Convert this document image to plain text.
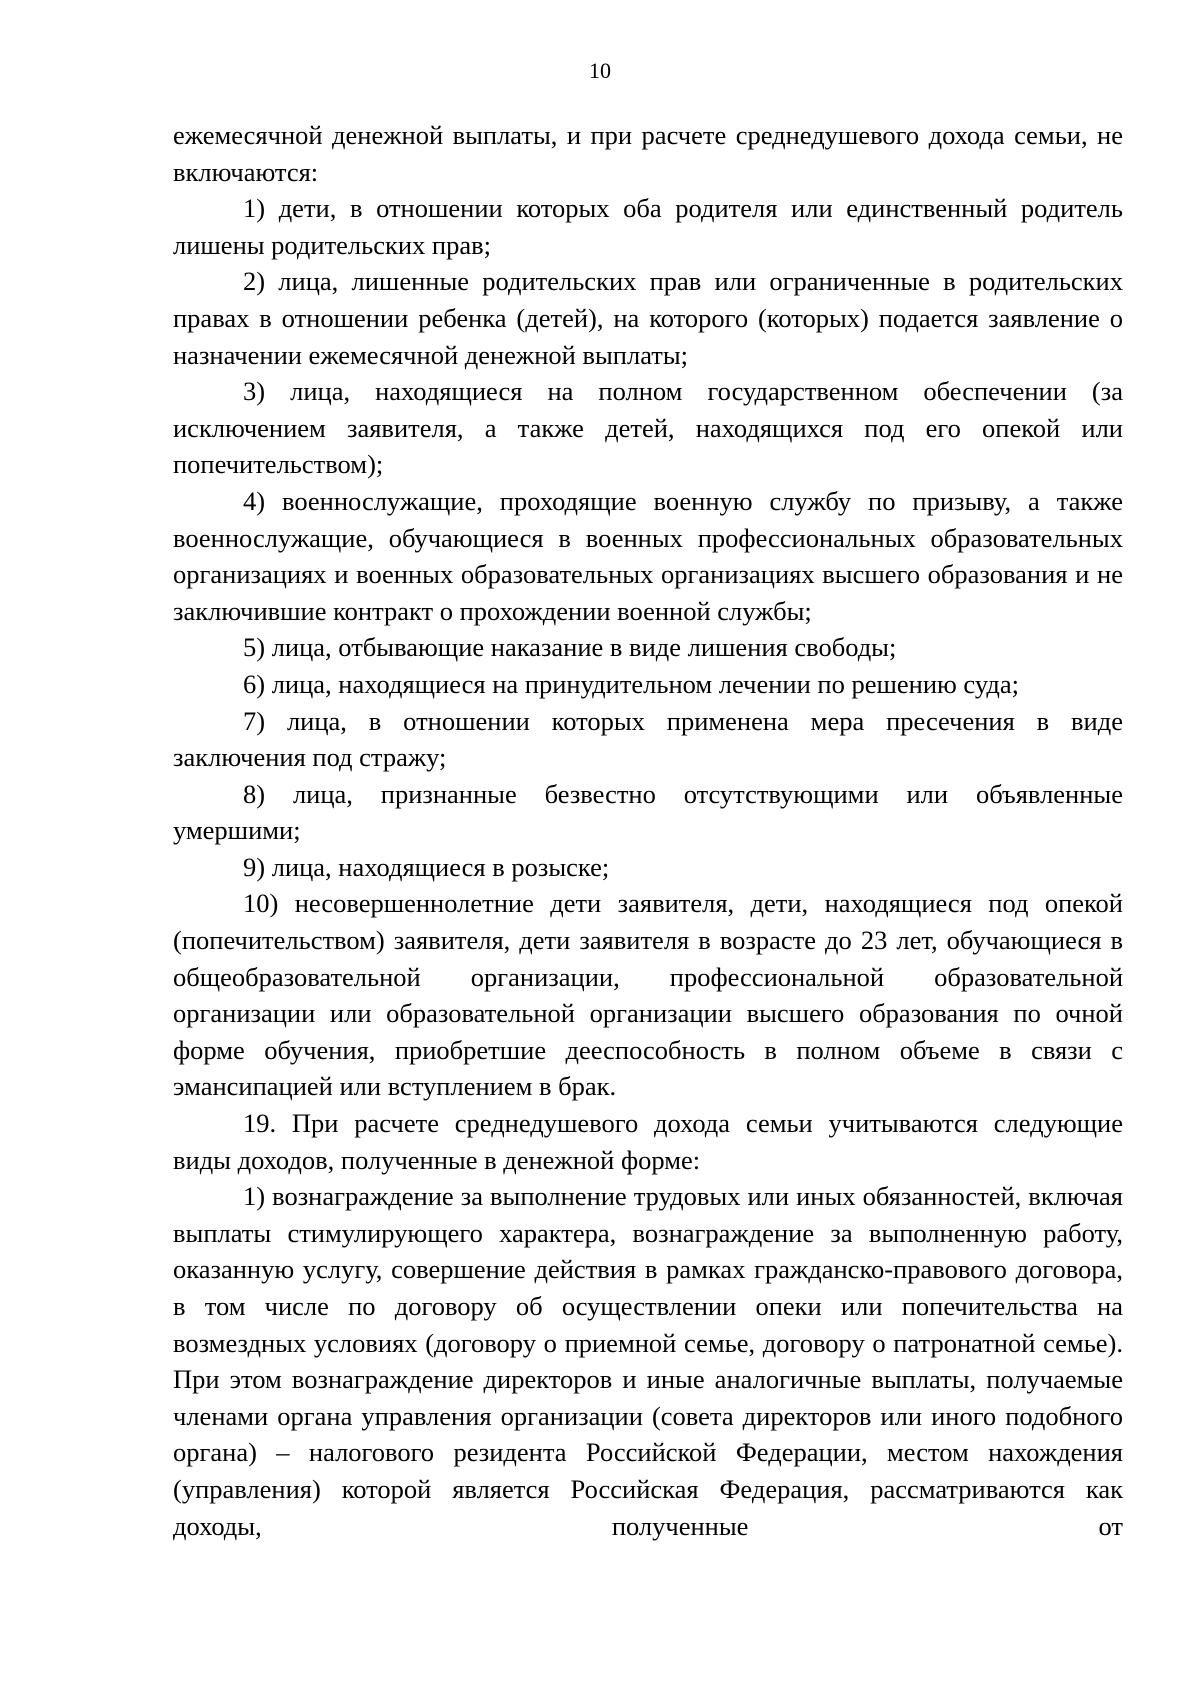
10

ежемесячной денежной выплаты, и при расчете среднедушевого дохода семьи, не включаются:

1) дети, в отношении которых оба родителя или единственный родитель лишены родительских прав;

2) лица, лишенные родительских прав или ограниченные в родительских правах в отношении ребенка (детей), на которого (которых) подается заявление о назначении ежемесячной денежной выплаты;

3) лица, находящиеся на полном государственном обеспечении (за исключением заявителя, а также детей, находящихся под его опекой или попечительством);

4) военнослужащие, проходящие военную службу по призыву, а также военнослужащие, обучающиеся в военных профессиональных образовательных организациях и военных образовательных организациях высшего образования и не заключившие контракт о прохождении военной службы;

5) лица, отбывающие наказание в виде лишения свободы;

6) лица, находящиеся на принудительном лечении по решению суда;

7) лица, в отношении которых применена мера пресечения в виде заключения под стражу;

8) лица, признанные безвестно отсутствующими или объявленные умершими;

9) лица, находящиеся в розыске;

10) несовершеннолетние дети заявителя, дети, находящиеся под опекой (попечительством) заявителя, дети заявителя в возрасте до 23 лет, обучающиеся в общеобразовательной организации, профессиональной образовательной организации или образовательной организации высшего образования по очной форме обучения, приобретшие дееспособность в полном объеме в связи с эмансипацией или вступлением в брак.

19. При расчете среднедушевого дохода семьи учитываются следующие виды доходов, полученные в денежной форме:

1) вознаграждение за выполнение трудовых или иных обязанностей, включая выплаты стимулирующего характера, вознаграждение за выполненную работу, оказанную услугу, совершение действия в рамках гражданско-правового договора, в том числе по договору об осуществлении опеки или попечительства на возмездных условиях (договору о приемной семье, договору о патронатной семье). При этом вознаграждение директоров и иные аналогичные выплаты, получаемые членами органа управления организации (совета директоров или иного подобного органа) – налогового резидента Российской Федерации, местом нахождения (управления) которой является Российская Федерация, рассматриваются как доходы, полученные от
